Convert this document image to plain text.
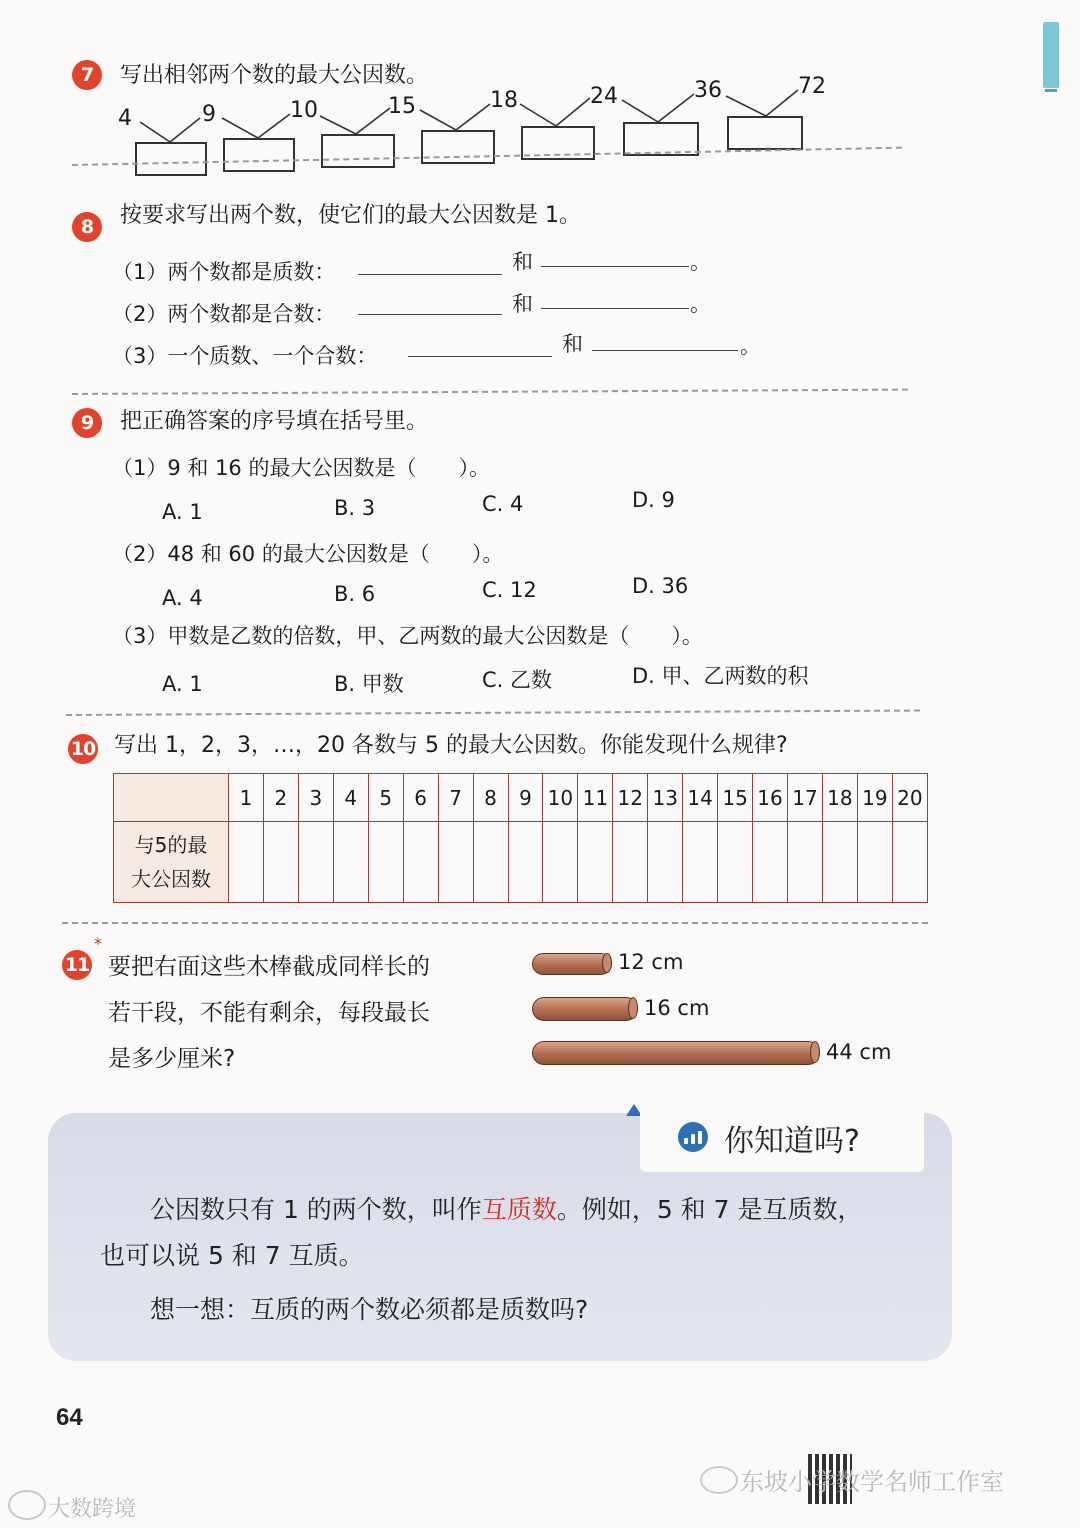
7 写出相邻两个数的最大公因数。
4	9	10	15	18	24	36	72
8 按要求写出两个数，使它们的最大公因数是 1。
（1）两个数都是质数：	和	。
（2）两个数都是合数：	和	。
（3）一个质数、一个合数：	和	。
9 把正确答案的序号填在括号里。
（1）9 和 16 的最大公因数是（　　）。
A. 1	B. 3	C. 4	D. 9
（2）48 和 60 的最大公因数是（　　）。
A. 4	B. 6	C. 12	D. 36
（3）甲数是乙数的倍数，甲、乙两数的最大公因数是（　　）。
A. 1	B. 甲数	C. 乙数	D. 甲、乙两数的积
10 写出 1，2，3，…，20 各数与 5 的最大公因数。你能发现什么规律?
	1	2	3	4	5	6	7	8	9	10	11	12	13	14	15	16	17	18	19	20

与5的最
大公因数																				

11
*
要把右面这些木棒截成同样长的
若干段，不能有剩余，每段最长
是多少厘米?
12 cm
16 cm
44 cm
你知道吗?
公因数只有 1 的两个数，叫作互质数。例如，5 和 7 是互质数，
也可以说 5 和 7 互质。
想一想：互质的两个数必须都是质数吗?
64
大数跨境
东坡小学数学名师工作室
